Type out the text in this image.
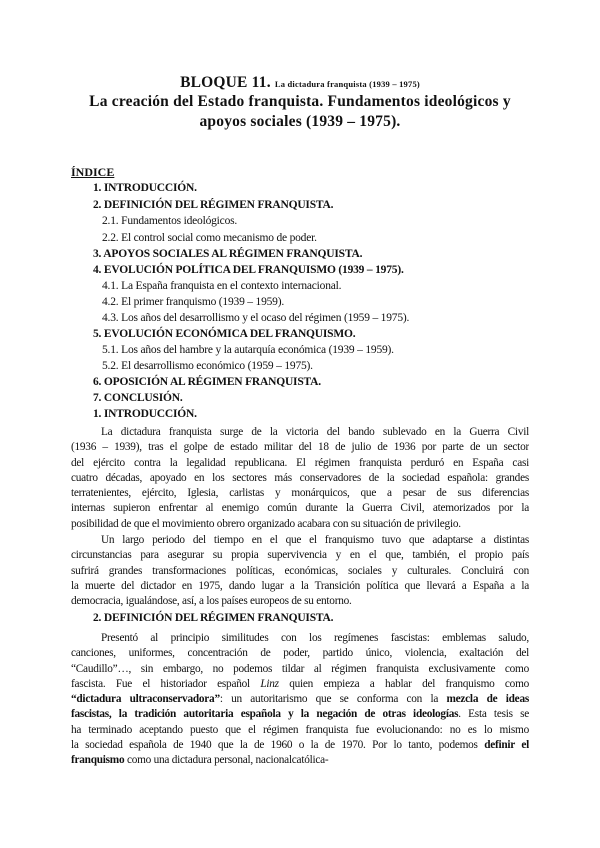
BLOQUE 11. La dictadura franquista (1939 – 1975)
La creación del Estado franquista. Fundamentos ideológicos y
apoyos sociales (1939 – 1975).
ÍNDICE
1. INTRODUCCIÓN.
2. DEFINICIÓN DEL RÉGIMEN FRANQUISTA.
2.1. Fundamentos ideológicos.
2.2. El control social como mecanismo de poder.
3. APOYOS SOCIALES AL RÉGIMEN FRANQUISTA.
4. EVOLUCIÓN POLÍTICA DEL FRANQUISMO (1939 – 1975).
4.1. La España franquista en el contexto internacional.
4.2. El primer franquismo (1939 – 1959).
4.3. Los años del desarrollismo y el ocaso del régimen (1959 – 1975).
5. EVOLUCIÓN ECONÓMICA DEL FRANQUISMO.
5.1. Los años del hambre y la autarquía económica (1939 – 1959).
5.2. El desarrollismo económico (1959 – 1975).
6. OPOSICIÓN AL RÉGIMEN FRANQUISTA.
7. CONCLUSIÓN.
1. INTRODUCCIÓN.
La dictadura franquista surge de la victoria del bando sublevado en la Guerra Civil
(1936 – 1939), tras el golpe de estado militar del 18 de julio de 1936 por parte de un sector
del ejército contra la legalidad republicana. El régimen franquista perduró en España casi
cuatro décadas, apoyado en los sectores más conservadores de la sociedad española: grandes
terratenientes, ejército, Iglesia, carlistas y monárquicos, que a pesar de sus diferencias
internas supieron enfrentar al enemigo común durante la Guerra Civil, atemorizados por la
posibilidad de que el movimiento obrero organizado acabara con su situación de privilegio.
Un largo periodo del tiempo en el que el franquismo tuvo que adaptarse a distintas
circunstancias para asegurar su propia supervivencia y en el que, también, el propio país
sufrirá grandes transformaciones políticas, económicas, sociales y culturales. Concluirá con
la muerte del dictador en 1975, dando lugar a la Transición política que llevará a España a la
democracia, igualándose, así, a los países europeos de su entorno.
2. DEFINICIÓN DEL RÉGIMEN FRANQUISTA.
Presentó al principio similitudes con los regímenes fascistas: emblemas saludo,
canciones, uniformes, concentración de poder, partido único, violencia, exaltación del
“Caudillo”…, sin embargo, no podemos tildar al régimen franquista exclusivamente como
fascista. Fue el historiador español Linz quien empieza a hablar del franquismo como
“dictadura ultraconservadora”: un autoritarismo que se conforma con la mezcla de ideas
fascistas, la tradición autoritaria española y la negación de otras ideologías. Esta tesis se
ha terminado aceptando puesto que el régimen franquista fue evolucionando: no es lo mismo
la sociedad española de 1940 que la de 1960 o la de 1970. Por lo tanto, podemos definir el
franquismo como una dictadura personal, nacionalcatólica-
